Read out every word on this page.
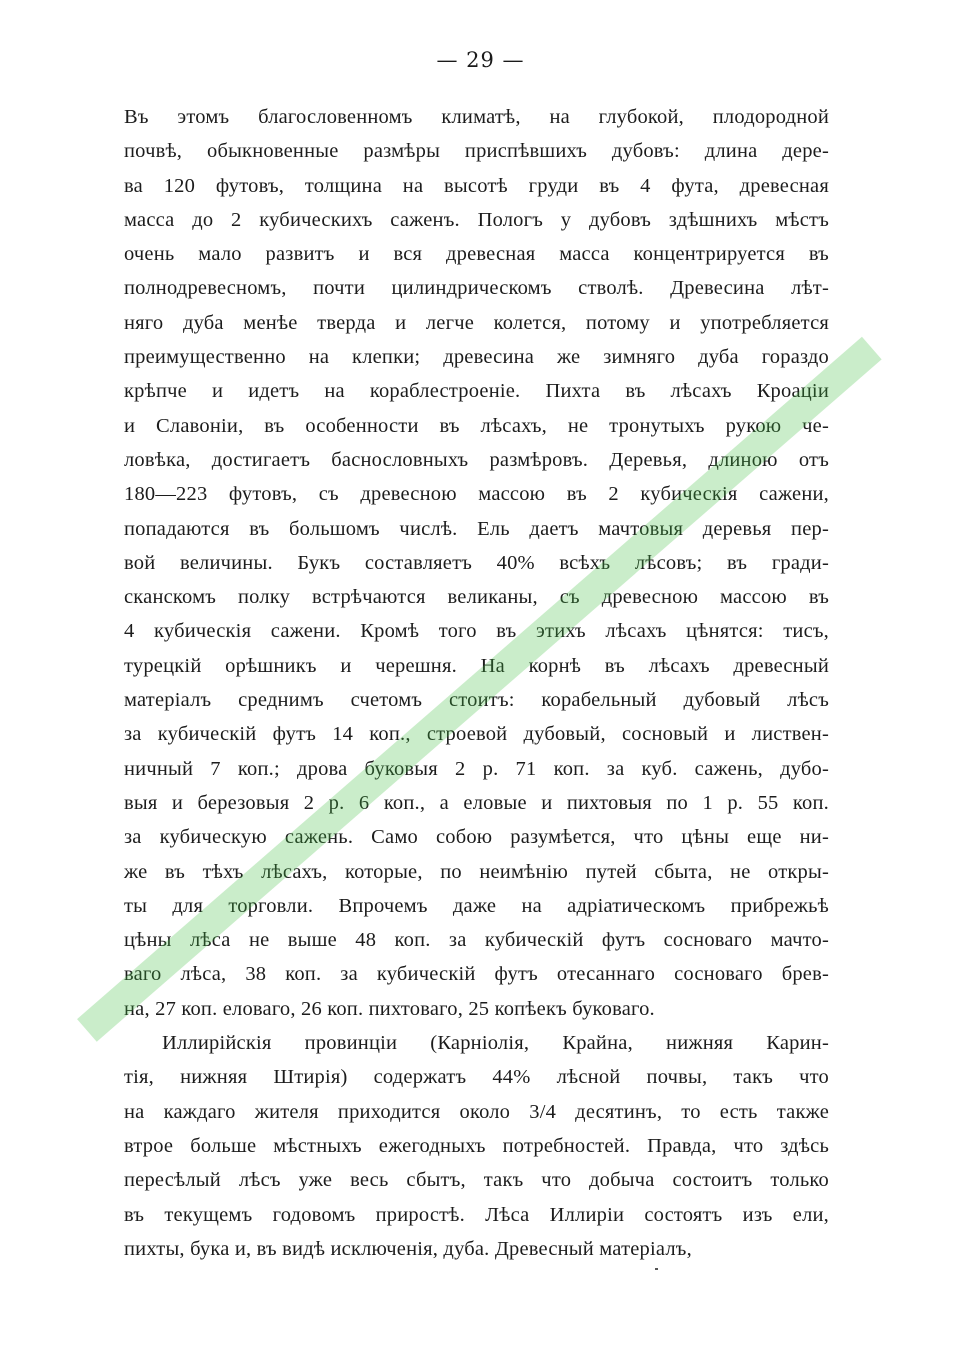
— 29 —
Въ этомъ благословенномъ климатѣ, на глубокой, плодородной
почвѣ, обыкновенные размѣры приспѣвшихъ дубовъ: длина дере-
ва 120 футовъ, толщина на высотѣ груди въ 4 фута, древесная
масса до 2 кубическихъ саженъ. Пологъ у дубовъ здѣшнихъ мѣстъ
очень мало развитъ и вся древесная масса концентрируется въ
полнодревесномъ, почти цилиндрическомъ стволѣ. Древесина лѣт-
няго дуба менѣе тверда и легче колется, потому и употребляется
преимущественно на клепки; древесина же зимняго дуба гораздо
крѣпче и идетъ на кораблестроеніе. Пихта въ лѣсахъ Кроаціи
и Славоніи, въ особенности въ лѣсахъ, не тронутыхъ рукою че-
ловѣка, достигаетъ баснословныхъ размѣровъ. Деревья, длиною отъ
180—223 футовъ, съ древесною массою въ 2 кубическія сажени,
попадаются въ большомъ числѣ. Ель даетъ мачтовыя деревья пер-
вой величины. Букъ составляетъ 40% всѣхъ лѣсовъ; въ гради-
сканскомъ полку встрѣчаются великаны, съ древесною массою въ
4 кубическія сажени. Кромѣ того въ этихъ лѣсахъ цѣнятся: тисъ,
турецкій орѣшникъ и черешня. На корнѣ въ лѣсахъ древесный
матеріалъ среднимъ счетомъ стоитъ: корабельный дубовый лѣсъ
за кубическій футъ 14 коп., строевой дубовый, сосновый и листвен-
ничный 7 коп.; дрова буковыя 2 р. 71 коп. за куб. сажень, дубо-
выя и березовыя 2 р. 6 коп., а еловые и пихтовыя по 1 р. 55 коп.
за кубическую сажень. Само собою разумѣется, что цѣны еще ни-
же въ тѣхъ лѣсахъ, которые, по неимѣнію путей сбыта, не откры-
ты для торговли. Впрочемъ даже на адріатическомъ прибрежьѣ
цѣны лѣса не выше 48 коп. за кубическій футъ сосноваго мачто-
ваго лѣса, 38 коп. за кубическій футъ отесаннаго сосноваго брев-
на, 27 коп. еловаго, 26 коп. пихтоваго, 25 копѣекъ буковаго.
Иллирійскія провинціи (Карніолія, Крайна, нижняя Карин-
тія, нижняя Штирія) содержатъ 44% лѣсной почвы, такъ что
на каждаго жителя приходится около 3/4 десятинъ, то есть также
втрое больше мѣстныхъ ежегодныхъ потребностей. Правда, что здѣсь
пересѣлый лѣсъ уже весь сбытъ, такъ что добыча состоитъ только
въ текущемъ годовомъ приростѣ. Лѣса Иллиріи состоятъ изъ ели,
пихты, бука и, въ видѣ исключенія, дуба. Древесный матеріалъ,
